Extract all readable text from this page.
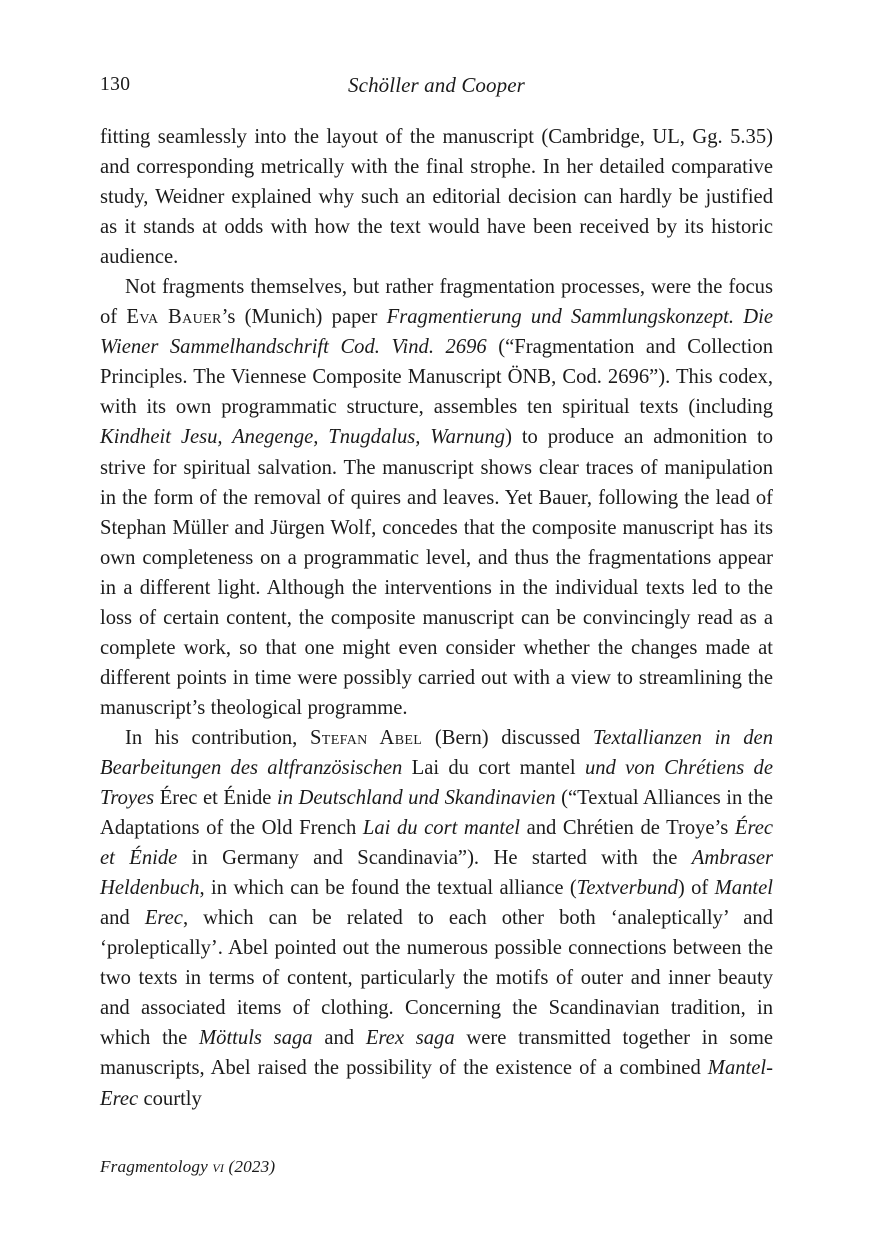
130	Schöller and Cooper

fitting seamlessly into the layout of the manuscript (Cambridge, UL, Gg. 5.35) and corresponding metrically with the final strophe. In her detailed comparative study, Weidner explained why such an editorial decision can hardly be justified as it stands at odds with how the text would have been received by its historic audience.

Not fragments themselves, but rather fragmentation processes, were the focus of Eva Bauer’s (Munich) paper Fragmentierung und Sammlungskonzept. Die Wiener Sammelhandschrift Cod. Vind. 2696 (“Fragmentation and Collection Principles. The Viennese Composite Manuscript ÖNB, Cod. 2696”). This codex, with its own programmatic structure, assembles ten spiritual texts (including Kindheit Jesu, Anegenge, Tnugdalus, Warnung) to produce an admonition to strive for spiritual salvation. The manuscript shows clear traces of manipulation in the form of the removal of quires and leaves. Yet Bauer, following the lead of Stephan Müller and Jürgen Wolf, concedes that the composite manuscript has its own completeness on a programmatic level, and thus the fragmentations appear in a different light. Although the interventions in the individual texts led to the loss of certain content, the composite manuscript can be convincingly read as a complete work, so that one might even consider whether the changes made at different points in time were possibly carried out with a view to streamlining the manuscript’s theological programme.

In his contribution, Stefan Abel (Bern) discussed Textallianzen in den Bearbeitungen des altfranzösischen Lai du cort mantel und von Chrétiens de Troyes Érec et Énide in Deutschland und Skandinavien (“Textual Alliances in the Adaptations of the Old French Lai du cort mantel and Chrétien de Troye’s Érec et Énide in Germany and Scandinavia”). He started with the Ambraser Heldenbuch, in which can be found the textual alliance (Textverbund) of Mantel and Erec, which can be related to each other both ‘analeptically’ and ‘proleptically’. Abel pointed out the numerous possible connections between the two texts in terms of content, particularly the motifs of outer and inner beauty and associated items of clothing. Concerning the Scandinavian tradition, in which the Möttuls saga and Erex saga were transmitted together in some manuscripts, Abel raised the possibility of the existence of a combined Mantel-Erec courtly

Fragmentology vi (2023)
